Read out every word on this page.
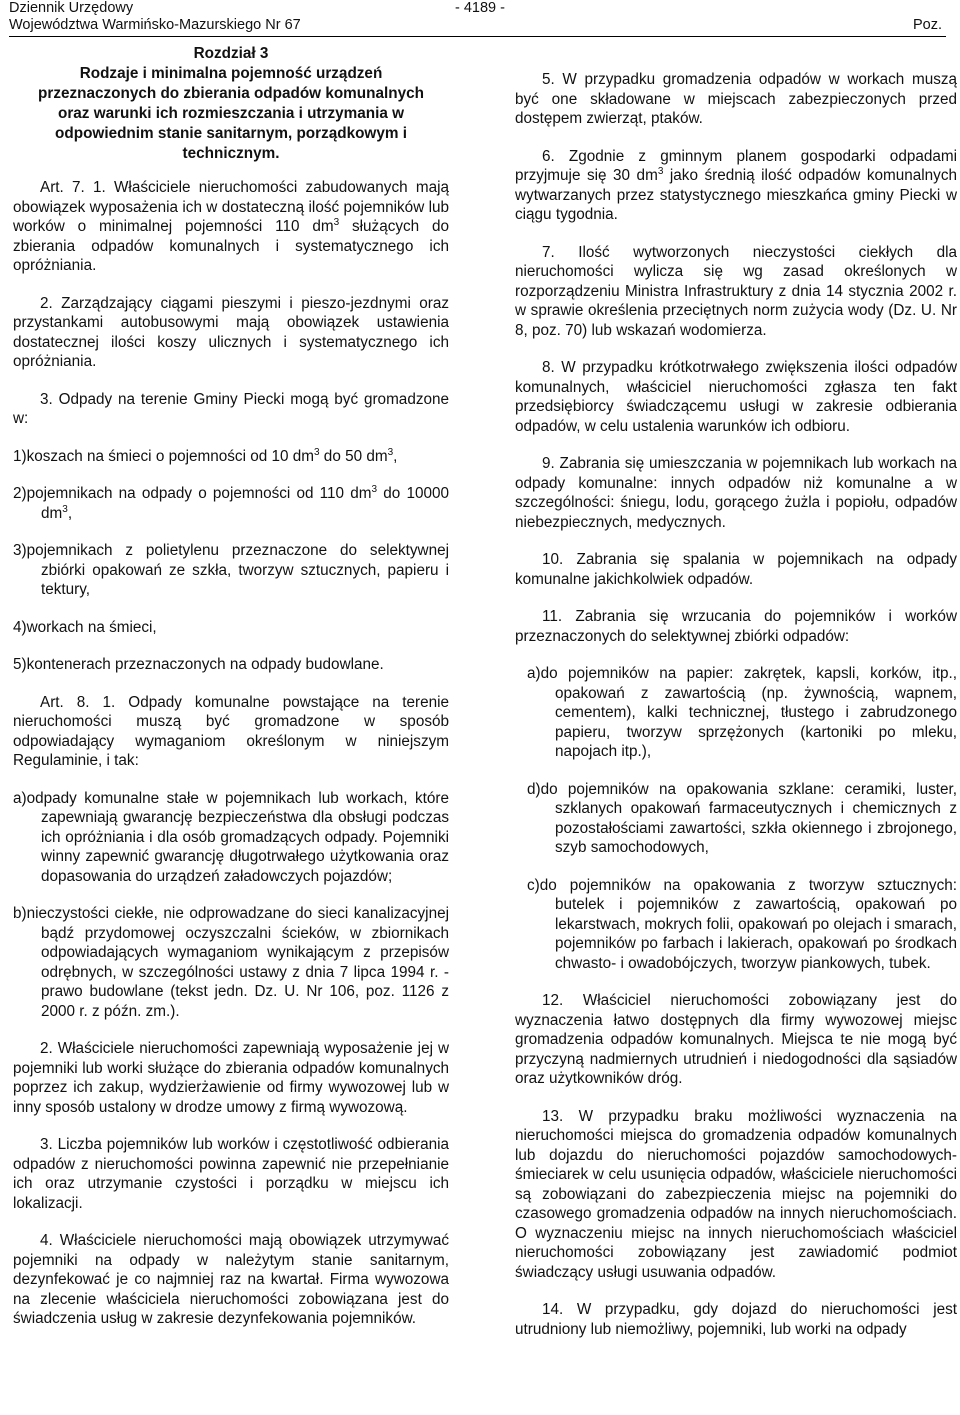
Dziennik Urzędowy
Województwa Warmińsko-Mazurskiego Nr 67
- 4189 -
Poz.
Rozdział 3
Rodzaje i minimalna pojemność urządzeń
przeznaczonych do zbierania odpadów komunalnych
oraz warunki ich rozmieszczania i utrzymania w
odpowiednim stanie sanitarnym, porządkowym i
technicznym.

Art. 7. 1. Właściciele nieruchomości zabudowanych mają obowiązek wyposażenia ich w dostateczną ilość pojemników lub worków o minimalnej pojemności 110 $dm^3$ służących do zbierania odpadów komunalnych i systematycznego ich opróżniania.

2. Zarządzający ciągami pieszymi i pieszo-jezdnymi oraz przystankami autobusowymi mają obowiązek ustawienia dostatecznej ilości koszy ulicznych i systematycznego ich opróżniania.

3. Odpady na terenie Gminy Piecki mogą być gromadzone w:

1)koszach na śmieci o pojemności od 10 $dm^3$ do 50 $dm^3$,

2)pojemnikach na odpady o pojemności od 110 $dm^3$ do 10000 $dm^3$,

3)pojemnikach z polietylenu przeznaczone do selektywnej zbiórki opakowań ze szkła, tworzyw sztucznych, papieru i tektury,

4)workach na śmieci,

5)kontenerach przeznaczonych na odpady budowlane.

Art. 8. 1. Odpady komunalne powstające na terenie nieruchomości muszą być gromadzone w sposób odpowiadający wymaganiom określonym w niniejszym Regulaminie, i tak:

a)odpady komunalne stałe w pojemnikach lub workach, które zapewniają gwarancję bezpieczeństwa dla obsługi podczas ich opróżniania i dla osób gromadzących odpady. Pojemniki winny zapewnić gwarancję długotrwałego użytkowania oraz dopasowania do urządzeń załadowczych pojazdów;

b)nieczystości ciekłe, nie odprowadzane do sieci kanalizacyjnej bądź przydomowej oczyszczalni ścieków, w zbiornikach odpowiadających wymaganiom wynikającym z przepisów odrębnych, w szczególności ustawy z dnia 7 lipca 1994 r. - prawo budowlane (tekst jedn. Dz. U. Nr 106, poz. 1126 z 2000 r. z późn. zm.).

2. Właściciele nieruchomości zapewniają wyposażenie jej w pojemniki lub worki służące do zbierania odpadów komunalnych poprzez ich zakup, wydzierżawienie od firmy wywozowej lub w inny sposób ustalony w drodze umowy z firmą wywozową.

3. Liczba pojemników lub worków i częstotliwość odbierania odpadów z nieruchomości powinna zapewnić nie przepełnianie ich oraz utrzymanie czystości i porządku w miejscu ich lokalizacji.

4. Właściciele nieruchomości mają obowiązek utrzymywać pojemniki na odpady w należytym stanie sanitarnym, dezynfekować je co najmniej raz na kwartał. Firma wywozowa na zlecenie właściciela nieruchomości zobowiązana jest do świadczenia usług w zakresie dezynfekowania pojemników.

5. W przypadku gromadzenia odpadów w workach muszą być one składowane w miejscach zabezpieczonych przed dostępem zwierząt, ptaków.

6. Zgodnie z gminnym planem gospodarki odpadami przyjmuje się 30 $dm^3$ jako średnią ilość odpadów komunalnych wytwarzanych przez statystycznego mieszkańca gminy Piecki w ciągu tygodnia.

7. Ilość wytworzonych nieczystości ciekłych dla nieruchomości wylicza się wg zasad określonych w rozporządzeniu Ministra Infrastruktury z dnia 14 stycznia 2002 r. w sprawie określenia przeciętnych norm zużycia wody (Dz. U. Nr 8, poz. 70) lub wskazań wodomierza.

8. W przypadku krótkotrwałego zwiększenia ilości odpadów komunalnych, właściciel nieruchomości zgłasza ten fakt przedsiębiorcy świadczącemu usługi w zakresie odbierania odpadów, w celu ustalenia warunków ich odbioru.

9. Zabrania się umieszczania w pojemnikach lub workach na odpady komunalne: innych odpadów niż komunalne a w szczególności: śniegu, lodu, gorącego żużla i popiołu, odpadów niebezpiecznych, medycznych.

10. Zabrania się spalania w pojemnikach na odpady komunalne jakichkolwiek odpadów.

11. Zabrania się wrzucania do pojemników i worków przeznaczonych do selektywnej zbiórki odpadów:

a)do pojemników na papier: zakrętek, kapsli, korków, itp., opakowań z zawartością (np. żywnością, wapnem, cementem), kalki technicznej, tłustego i zabrudzonego papieru, tworzyw sprzężonych (kartoniki po mleku, napojach itp.),

d)do pojemników na opakowania szklane: ceramiki, luster, szklanych opakowań farmaceutycznych i chemicznych z pozostałościami zawartości, szkła okiennego i zbrojonego, szyb samochodowych,

c)do pojemników na opakowania z tworzyw sztucznych: butelek i pojemników z zawartością, opakowań po lekarstwach, mokrych folii, opakowań po olejach i smarach, pojemników po farbach i lakierach, opakowań po środkach chwasto- i owadobójczych, tworzyw piankowych, tubek.

12. Właściciel nieruchomości zobowiązany jest do wyznaczenia łatwo dostępnych dla firmy wywozowej miejsc gromadzenia odpadów komunalnych. Miejsca te nie mogą być przyczyną nadmiernych utrudnień i niedogodności dla sąsiadów oraz użytkowników dróg.

13. W przypadku braku możliwości wyznaczenia na nieruchomości miejsca do gromadzenia odpadów komunalnych lub dojazdu do nieruchomości pojazdów samochodowych-śmieciarek w celu usunięcia odpadów, właściciele nieruchomości są zobowiązani do zabezpieczenia miejsc na pojemniki do czasowego gromadzenia odpadów na innych nieruchomościach. O wyznaczeniu miejsc na innych nieruchomościach właściciel nieruchomości zobowiązany jest zawiadomić podmiot świadczący usługi usuwania odpadów.

14. W przypadku, gdy dojazd do nieruchomości jest utrudniony lub niemożliwy, pojemniki, lub worki na odpady
